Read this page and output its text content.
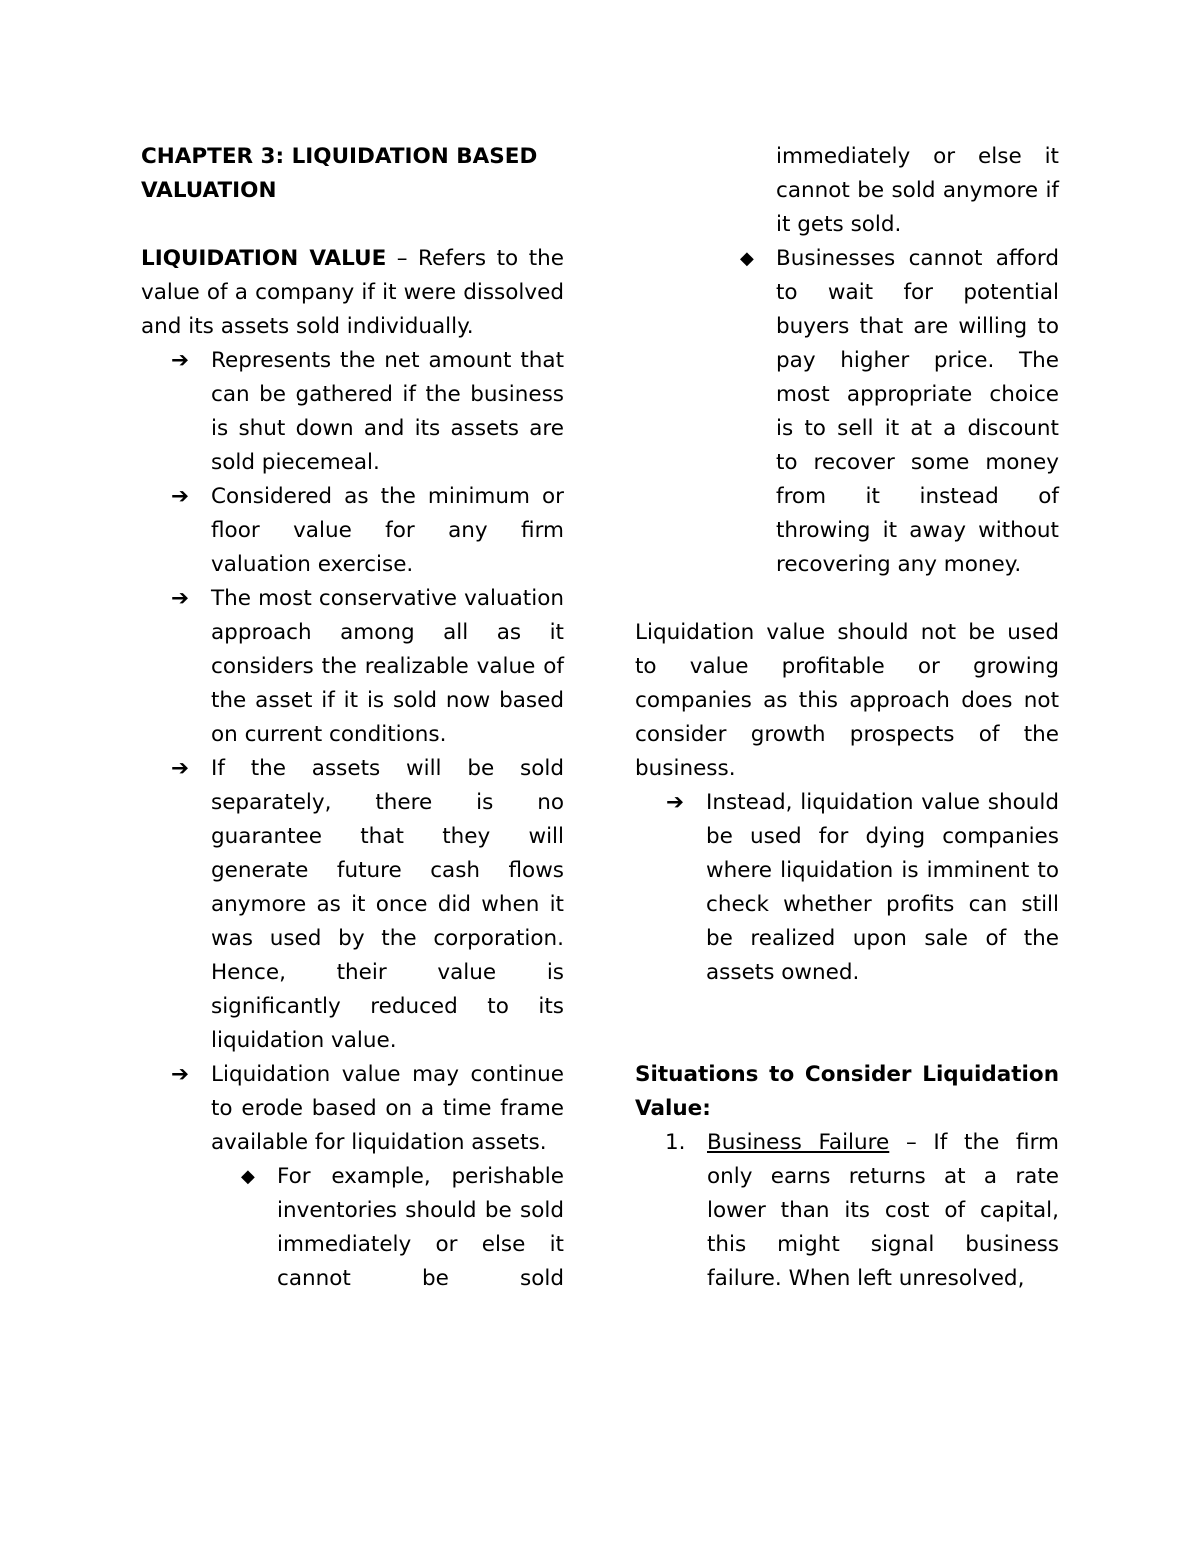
CHAPTER 3: LIQUIDATION BASED VALUATION

LIQUIDATION VALUE – Refers to the value of a company if it were dissolved and its assets sold individually.

➔	Represents the net amount that can be gathered if the business is shut down and its assets are sold piecemeal.
➔	Considered as the minimum or floor value for any firm valuation exercise.
➔	The most conservative valuation approach among all as it considers the realizable value of the asset if it is sold now based on current conditions.
➔	If the assets will be sold separately, there is no guarantee that they will generate future cash flows anymore as it once did when it was used by the corporation. Hence, their value is significantly reduced to its liquidation value.
➔	Liquidation value may continue to erode based on a time frame available for liquidation assets.
◆	For example, perishable inventories should be sold immediately or else it cannot be sold

immediately or else it cannot be sold anymore if it gets sold.

◆	Businesses cannot afford to wait for potential buyers that are willing to pay higher price. The most appropriate choice is to sell it at a discount to recover some money from it instead of throwing it away without recovering any money.

Liquidation value should not be used to value profitable or growing companies as this approach does not consider growth prospects of the business.

➔	Instead, liquidation value should be used for dying companies where liquidation is imminent to check whether profits can still be realized upon sale of the assets owned.

Situations to Consider Liquidation Value:

1. Business Failure – If the firm only earns returns at a rate lower than its cost of capital, this might signal business failure. When left unresolved,
